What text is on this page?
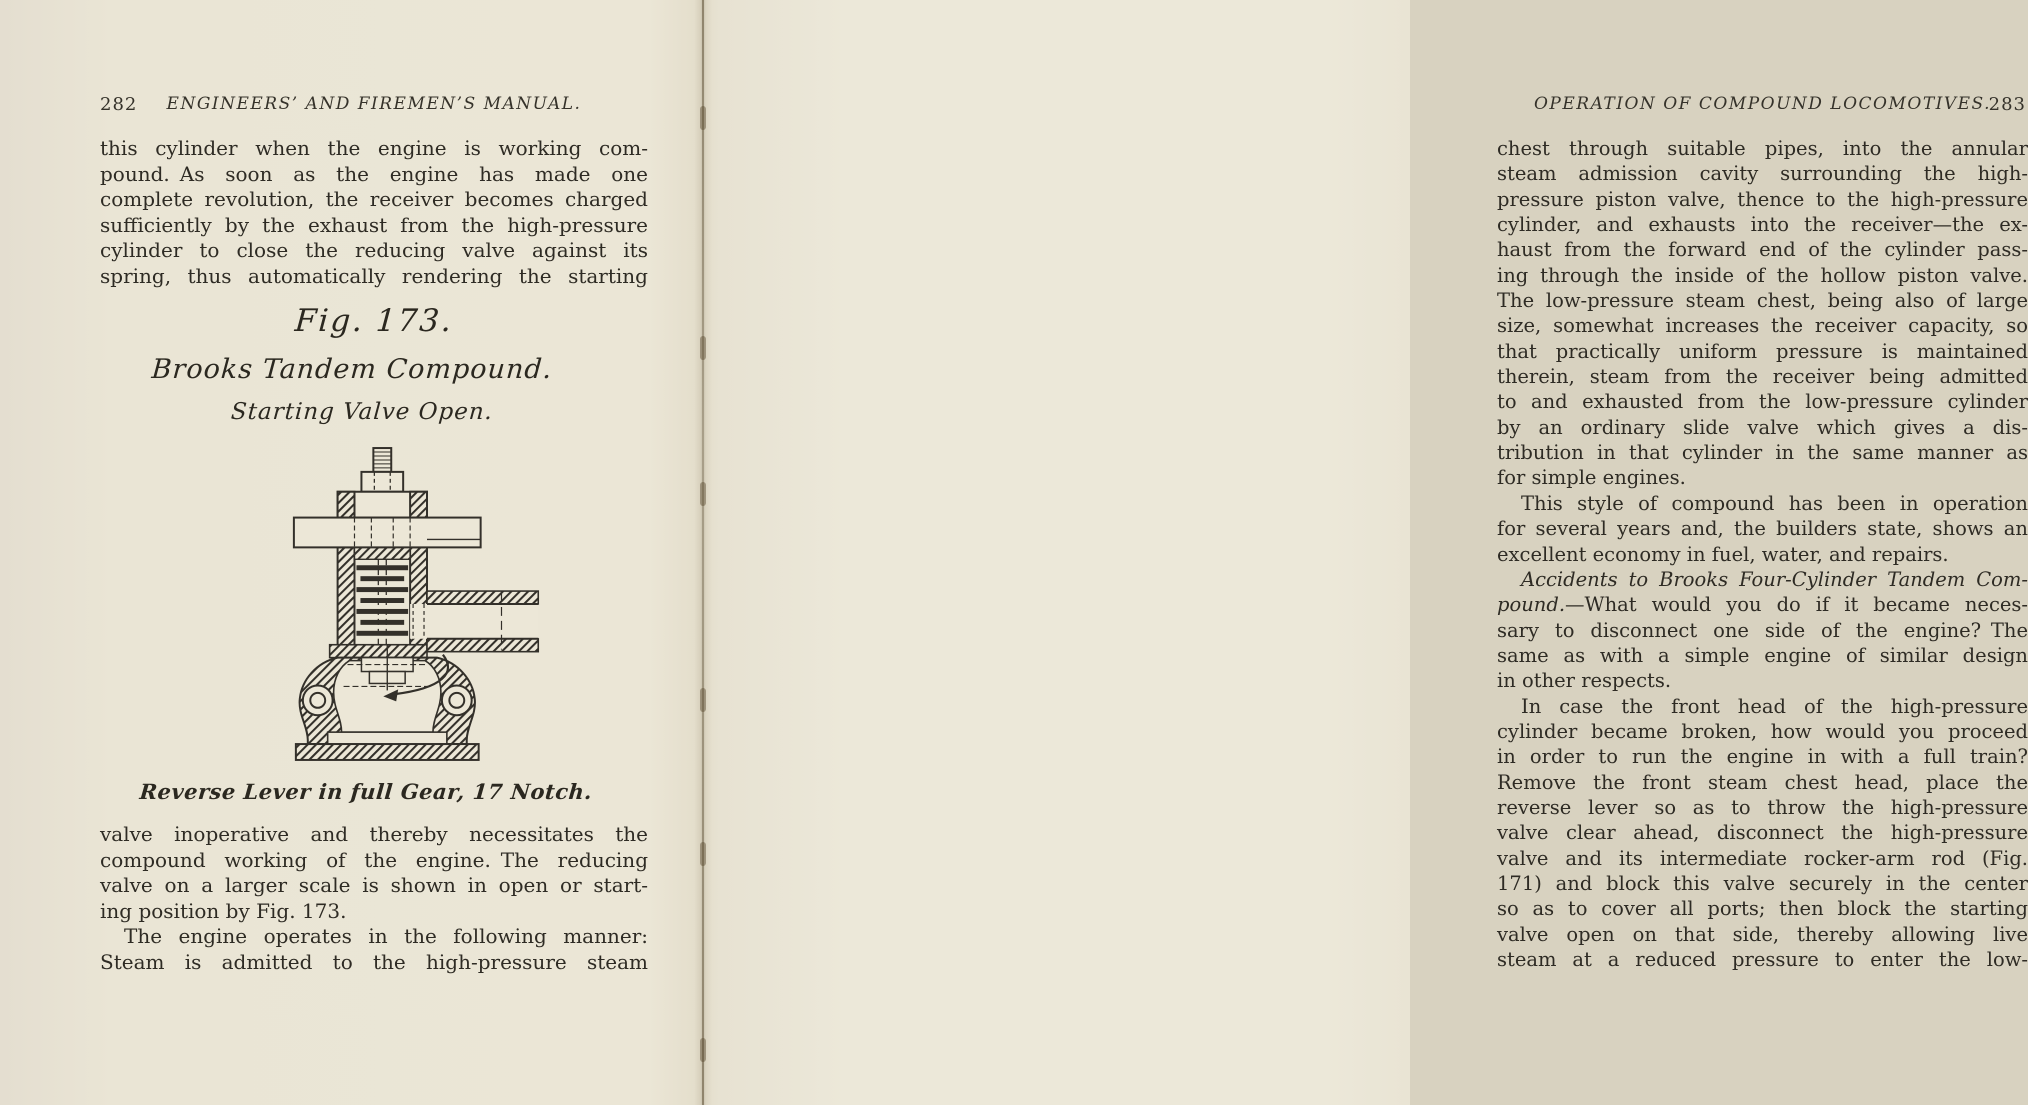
282	ENGINEERS’ AND FIREMEN’S MANUAL.
this cylinder when the engine is working com-
pound. As soon as the engine has made one
complete revolution, the receiver becomes charged
sufficiently by the exhaust from the high-pressure
cylinder to close the reducing valve against its
spring, thus automatically rendering the starting
Fig. 173.
Brooks Tandem Compound.
Starting Valve Open.
Reverse Lever in full Gear, 17 Notch.
valve inoperative and thereby necessitates the
compound working of the engine. The reducing
valve on a larger scale is shown in open or start-
ing position by Fig. 173.
The engine operates in the following manner:
Steam is admitted to the high-pressure steam
OPERATION OF COMPOUND LOCOMOTIVES.
283
chest through suitable pipes, into the annular
steam admission cavity surrounding the high-
pressure piston valve, thence to the high-pressure
cylinder, and exhausts into the receiver—the ex-
haust from the forward end of the cylinder pass-
ing through the inside of the hollow piston valve.
The low-pressure steam chest, being also of large
size, somewhat increases the receiver capacity, so
that practically uniform pressure is maintained
therein, steam from the receiver being admitted
to and exhausted from the low-pressure cylinder
by an ordinary slide valve which gives a dis-
tribution in that cylinder in the same manner as
for simple engines.
This style of compound has been in operation
for several years and, the builders state, shows an
excellent economy in fuel, water, and repairs.
Accidents to Brooks Four-Cylinder Tandem Com-
pound.—What would you do if it became neces-
sary to disconnect one side of the engine? The
same as with a simple engine of similar design
in other respects.
In case the front head of the high-pressure
cylinder became broken, how would you proceed
in order to run the engine in with a full train?
Remove the front steam chest head, place the
reverse lever so as to throw the high-pressure
valve clear ahead, disconnect the high-pressure
valve and its intermediate rocker-arm rod (Fig.
171) and block this valve securely in the center
so as to cover all ports; then block the starting
valve open on that side, thereby allowing live
steam at a reduced pressure to enter the low-
